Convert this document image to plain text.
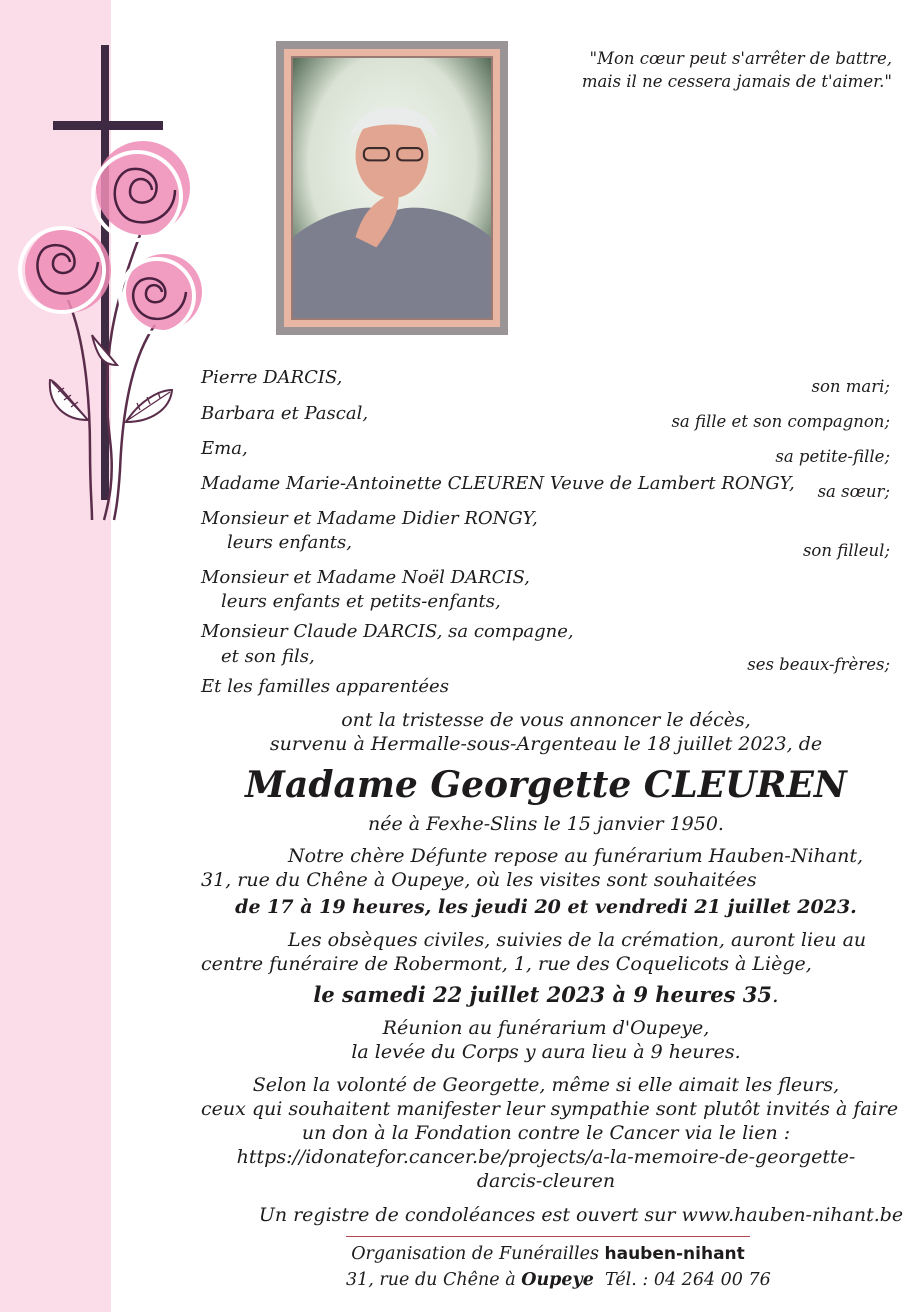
"Mon cœur peut s'arrêter de battre,
mais il ne cessera jamais de t'aimer."
Pierre DARCIS,	son mari;
Barbara et Pascal,	sa fille et son compagnon;
Ema,	sa petite-fille;
Madame Marie-Antoinette CLEUREN Veuve de Lambert RONGY, sa sœur;
Monsieur et Madame Didier RONGY,
leurs enfants,	son filleul;
Monsieur et Madame Noël DARCIS,
leurs enfants et petits-enfants,
Monsieur Claude DARCIS, sa compagne,
et son fils,	ses beaux-frères;
Et les familles apparentées
ont la tristesse de vous annoncer le décès,
survenu à Hermalle-sous-Argenteau le 18 juillet 2023, de
Madame Georgette CLEUREN
née à Fexhe-Slins le 15 janvier 1950.
Notre chère Défunte repose au funérarium Hauben-Nihant,
31, rue du Chêne à Oupeye, où les visites sont souhaitées
de 17 à 19 heures, les jeudi 20 et vendredi 21 juillet 2023.
Les obsèques civiles, suivies de la crémation, auront lieu au
centre funéraire de Robermont, 1, rue des Coquelicots à Liège,
le samedi 22 juillet 2023 à 9 heures 35.
Réunion au funérarium d'Oupeye,
la levée du Corps y aura lieu à 9 heures.
Selon la volonté de Georgette, même si elle aimait les fleurs,
ceux qui souhaitent manifester leur sympathie sont plutôt invités à faire
un don à la Fondation contre le Cancer via le lien :
https://idonatefor.cancer.be/projects/a-la-memoire-de-georgette-
darcis-cleuren
Un registre de condoléances est ouvert sur www.hauben-nihant.be
Organisation de Funérailles hauben-nihant
31, rue du Chêne à Oupeye Tél. : 04 264 00 76
